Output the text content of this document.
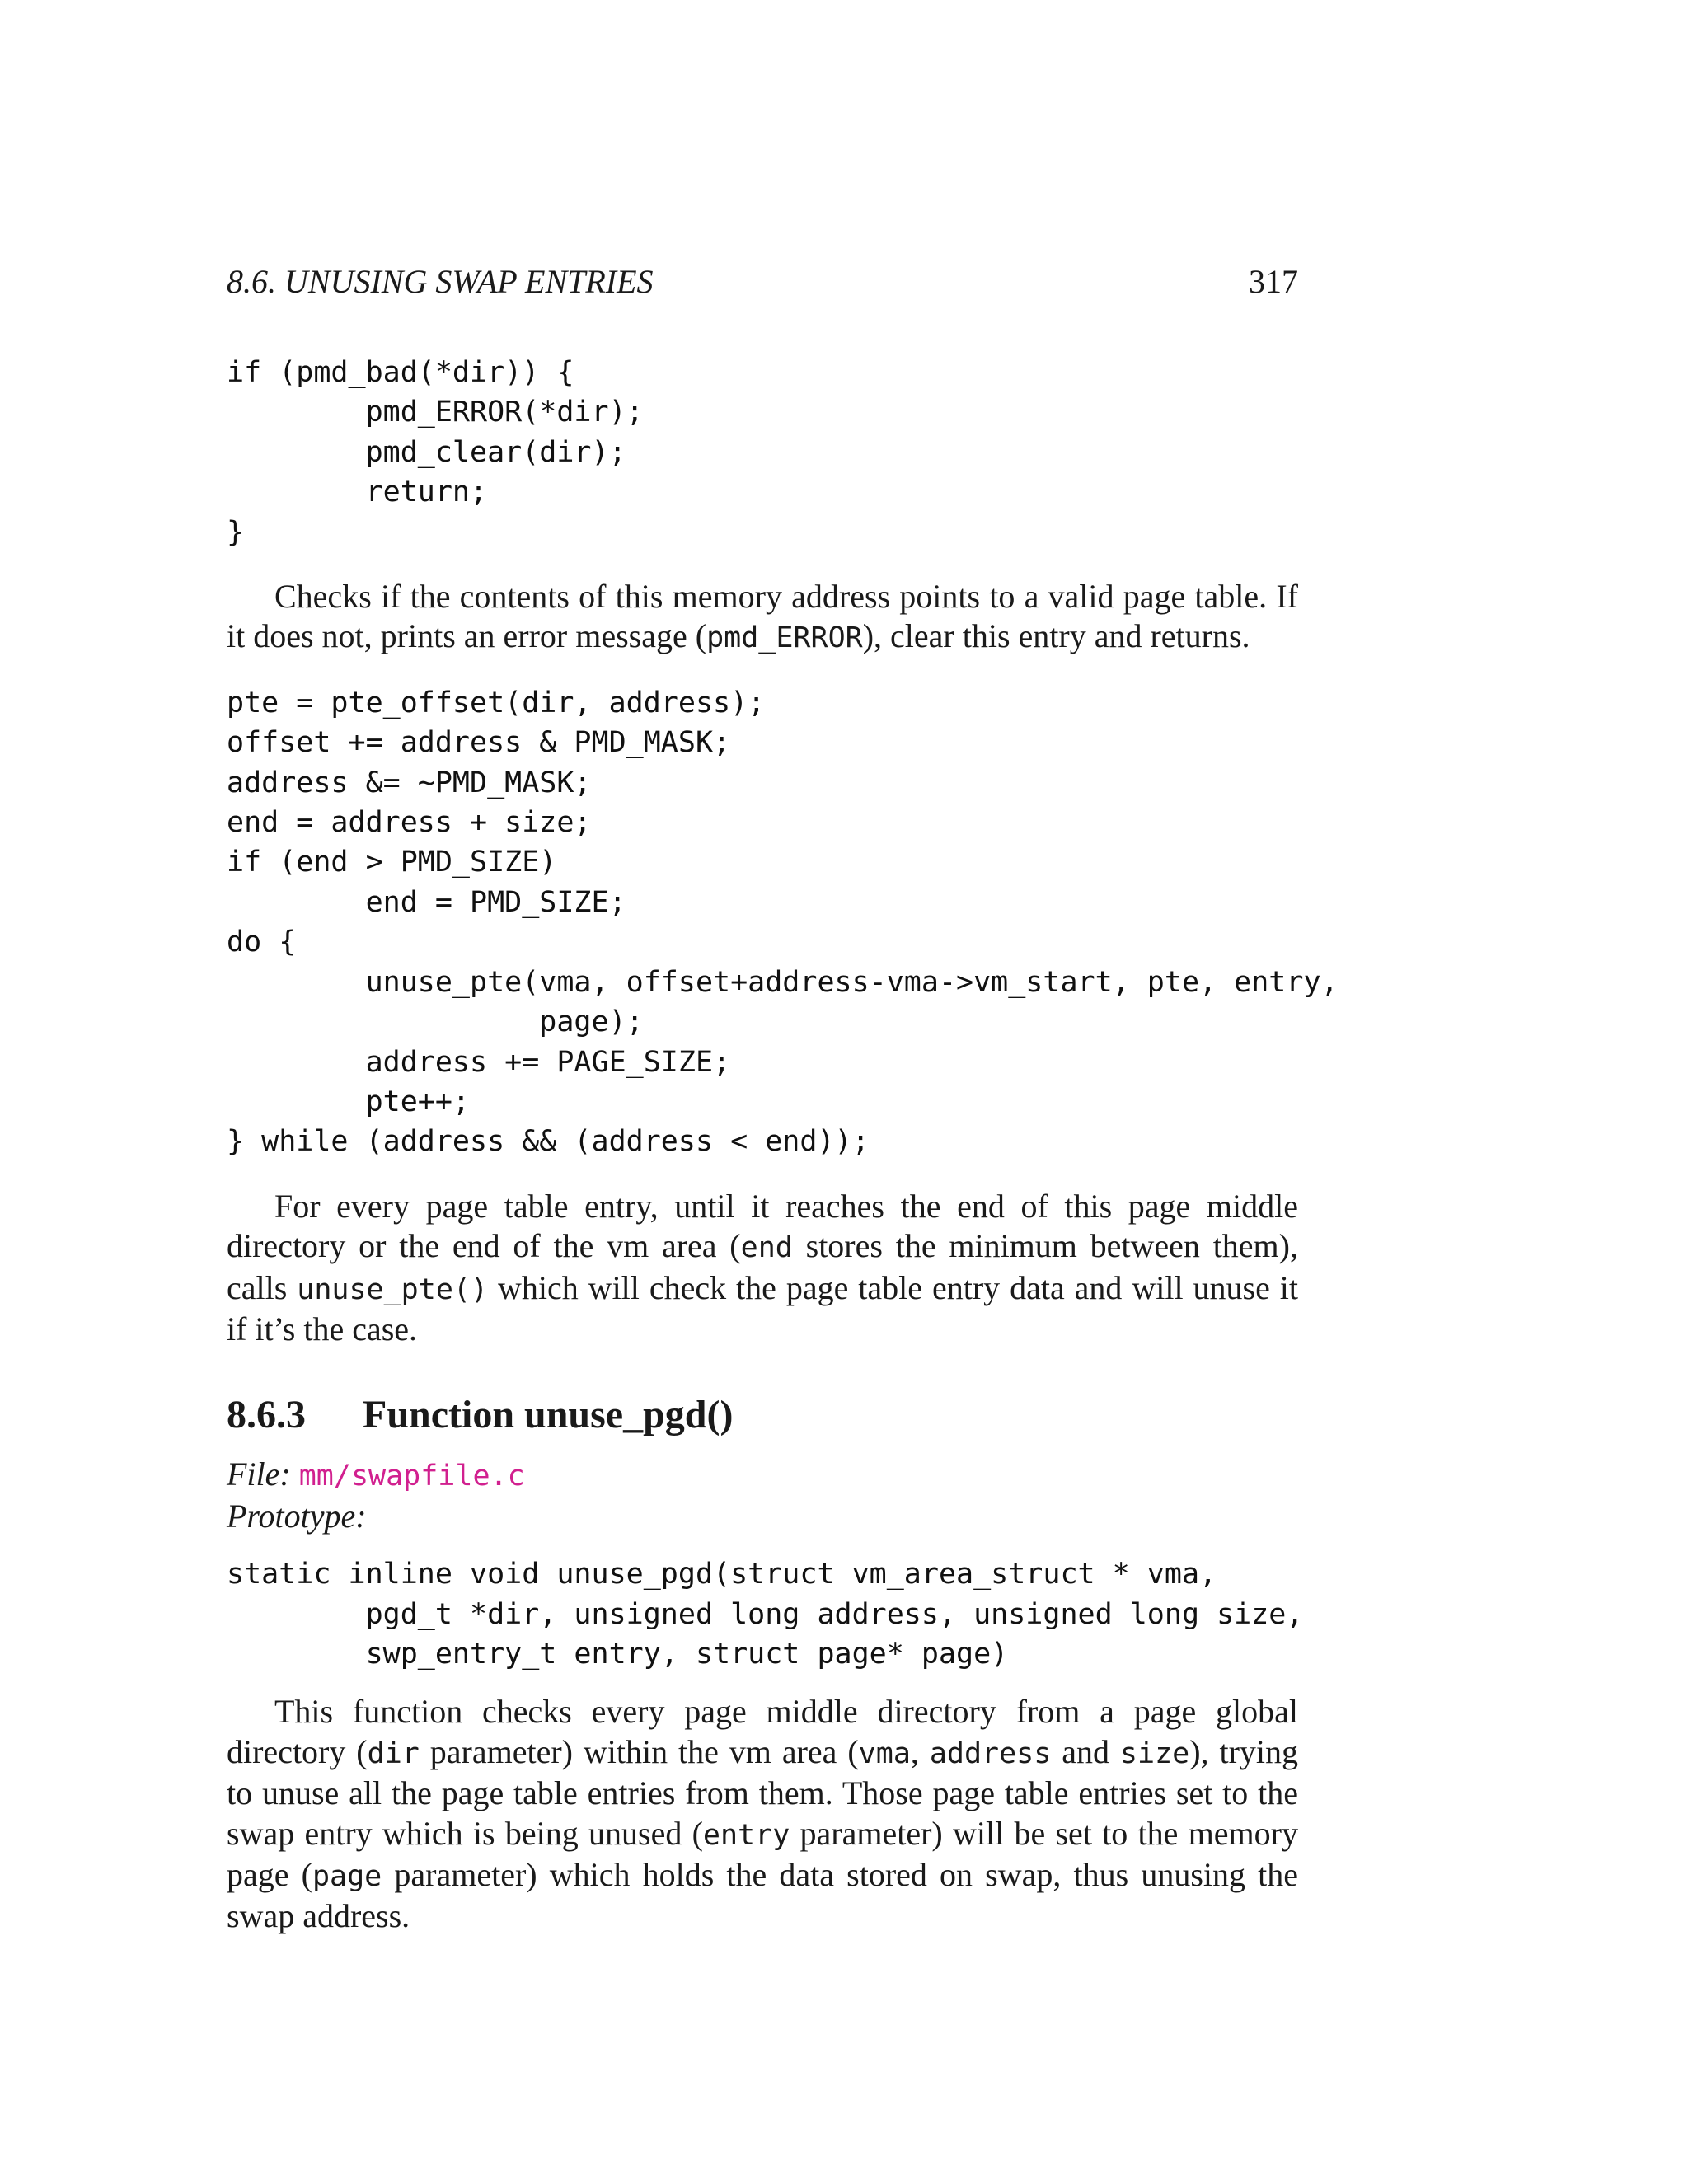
8.6. UNUSING SWAP ENTRIES	317
if (pmd_bad(*dir)) {
pmd_ERROR(*dir);
pmd_clear(dir);
return;
}

Checks if the contents of this memory address points to a valid page table. If it does not, prints an error message (pmd_ERROR), clear this entry and returns.

pte = pte_offset(dir, address);
offset += address & PMD_MASK;
address &= ~PMD_MASK;
end = address + size;
if (end > PMD_SIZE)
end = PMD_SIZE;
do {
unuse_pte(vma, offset+address-vma->vm_start, pte, entry,
page);
address += PAGE_SIZE;
pte++;
} while (address && (address < end));

For every page table entry, until it reaches the end of this page middle directory or the end of the vm area (end stores the minimum between them), calls unuse_pte() which will check the page table entry data and will unuse it if it’s the case.

8.6.3 Function unuse_pgd()
File: mm/swapfile.c
Prototype:
static inline void unuse_pgd(struct vm_area_struct * vma,
pgd_t *dir, unsigned long address, unsigned long size,
swp_entry_t entry, struct page* page)

This function checks every page middle directory from a page global directory (dir parameter) within the vm area (vma, address and size), trying to unuse all the page table entries from them. Those page table entries set to the swap entry which is being unused (entry parameter) will be set to the memory page (page parameter) which holds the data stored on swap, thus unusing the swap address.
